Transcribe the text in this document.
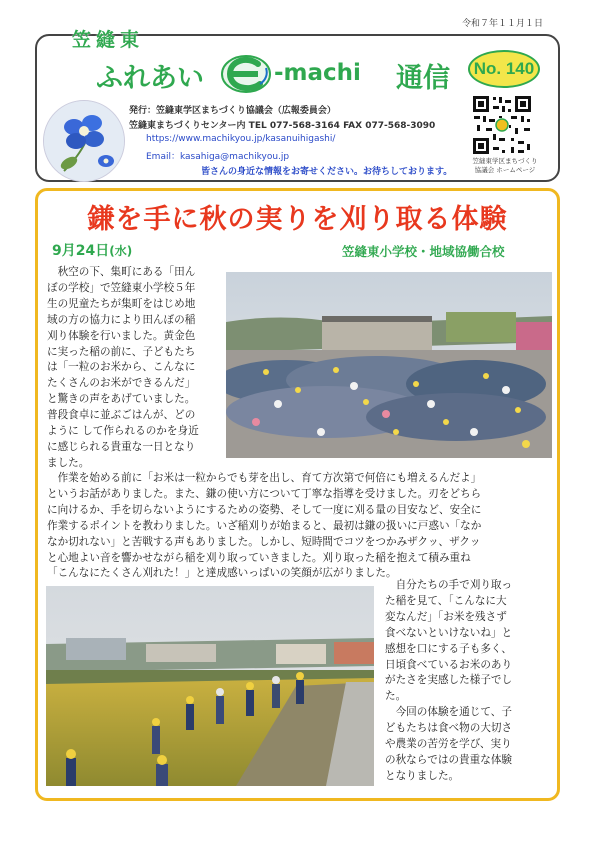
令和７年１１月１日
笠縫東
ふれあい	-machi 通信	No. 140
発行：笠縫東学区まちづくり協議会（広報委員会）
笠縫東まちづくりセンター内 TEL 077-568-3164 FAX 077-568-3090
https://www.machikyou.jp/kasanuihigashi/
Email：kasahiga@machikyou.jp
皆さんの身近な情報をお寄せください。お待ちしております。
笠縫東学区まちづくり
協議会 ホームページ
鎌を手に秋の実りを刈り取る体験
9月24日(水)	笠縫東小学校・地域協働合校
秋空の下、集町にある「田ん
ぼの学校」で笠縫東小学校５年
生の児童たちが集町をはじめ地
域の方の協力により田んぼの稲
刈り体験を行いました。黄金色
に実った稲の前に、子どもたち
は「一粒のお米から、こんなに
たくさんのお米ができるんだ」
と驚きの声をあげていました。
普段食卓に並ぶごはんが、どの
ように して作られるのかを身近
に感じられる貴重な一日となり
ました。
作業を始める前に「お米は一粒からでも芽を出し、育て方次第で何倍にも増えるんだよ」
というお話がありました。また、鎌の使い方について丁寧な指導を受けました。刃をどちら
に向けるか、手を切らないようにするための姿勢、そして一度に刈る量の目安など、安全に
作業するポイントを教わりました。いざ稲刈りが始まると、最初は鎌の扱いに戸惑い「なか
なか切れない」と苦戦する声もありました。しかし、短時間でコツをつかみザクッ、ザクッ
と心地よい音を響かせながら稲を刈り取っていきました。刈り取った稲を抱えて積み重ね
「こんなにたくさん刈れた！」と達成感いっぱいの笑顔が広がりました。
自分たちの手で刈り取っ
た稲を見て、「こんなに大
変なんだ」「お米を残さず
食べないといけないね」と
感想を口にする子も多く、
日頃食べているお米のあり
がたさを実感した様子でし
た。
今回の体験を通じて、子
どもたちは食べ物の大切さ
や農業の苦労を学び、実り
の秋ならではの貴重な体験
となりました。
